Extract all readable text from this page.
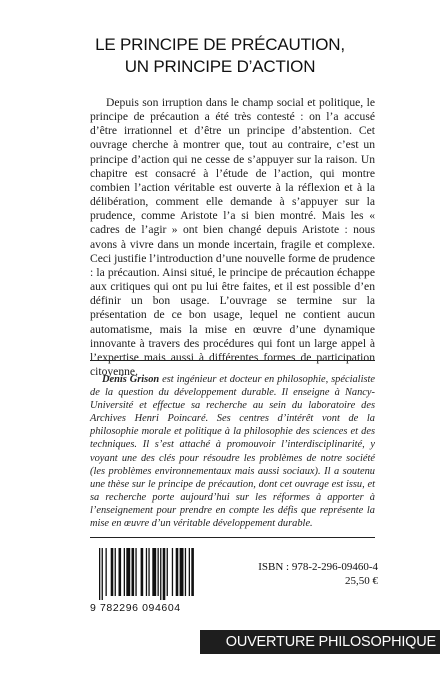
LE PRINCIPE DE PRÉCAUTION,
UN PRINCIPE D’ACTION

Depuis son irruption dans le champ social et politique, le principe de précaution a été très contesté : on l’a accusé d’être irrationnel et d’être un principe d’abstention. Cet ouvrage cherche à montrer que, tout au contraire, c’est un principe d’action qui ne cesse de s’appuyer sur la raison. Un chapitre est consacré à l’étude de l’action, qui montre combien l’action véritable est ouverte à la réflexion et à la délibération, comment elle demande à s’appuyer sur la prudence, comme Aristote l’a si bien montré. Mais les « cadres de l’agir » ont bien changé depuis Aristote : nous avons à vivre dans un monde incertain, fragile et complexe. Ceci justifie l’introduction d’une nouvelle forme de prudence : la précaution. Ainsi situé, le principe de précaution échappe aux critiques qui ont pu lui être faites, et il est possible d’en définir un bon usage. L’ouvrage se termine sur la présentation de ce bon usage, lequel ne contient aucun automatisme, mais la mise en œuvre d’une dynamique innovante à travers des procédures qui font un large appel à l’expertise mais aussi à différentes formes de participation citoyenne.

Denis Grison est ingénieur et docteur en philosophie, spécialiste de la question du développement durable. Il enseigne à Nancy-Université et effectue sa recherche au sein du laboratoire des Archives Henri Poincaré. Ses centres d’intérêt vont de la philosophie morale et politique à la philosophie des sciences et des techniques. Il s’est attaché à promouvoir l’interdisciplinarité, y voyant une des clés pour résoudre les problèmes de notre société (les problèmes environnementaux mais aussi sociaux). Il a soutenu une thèse sur le principe de précaution, dont cet ouvrage est issu, et sa recherche porte aujourd’hui sur les réformes à apporter à l’enseignement pour prendre en compte les défis que représente la mise en œuvre d’un véritable développement durable.

9 782296 094604
ISBN : 978-2-296-09460-4
25,50 €
OUVERTURE PHILOSOPHIQUE
